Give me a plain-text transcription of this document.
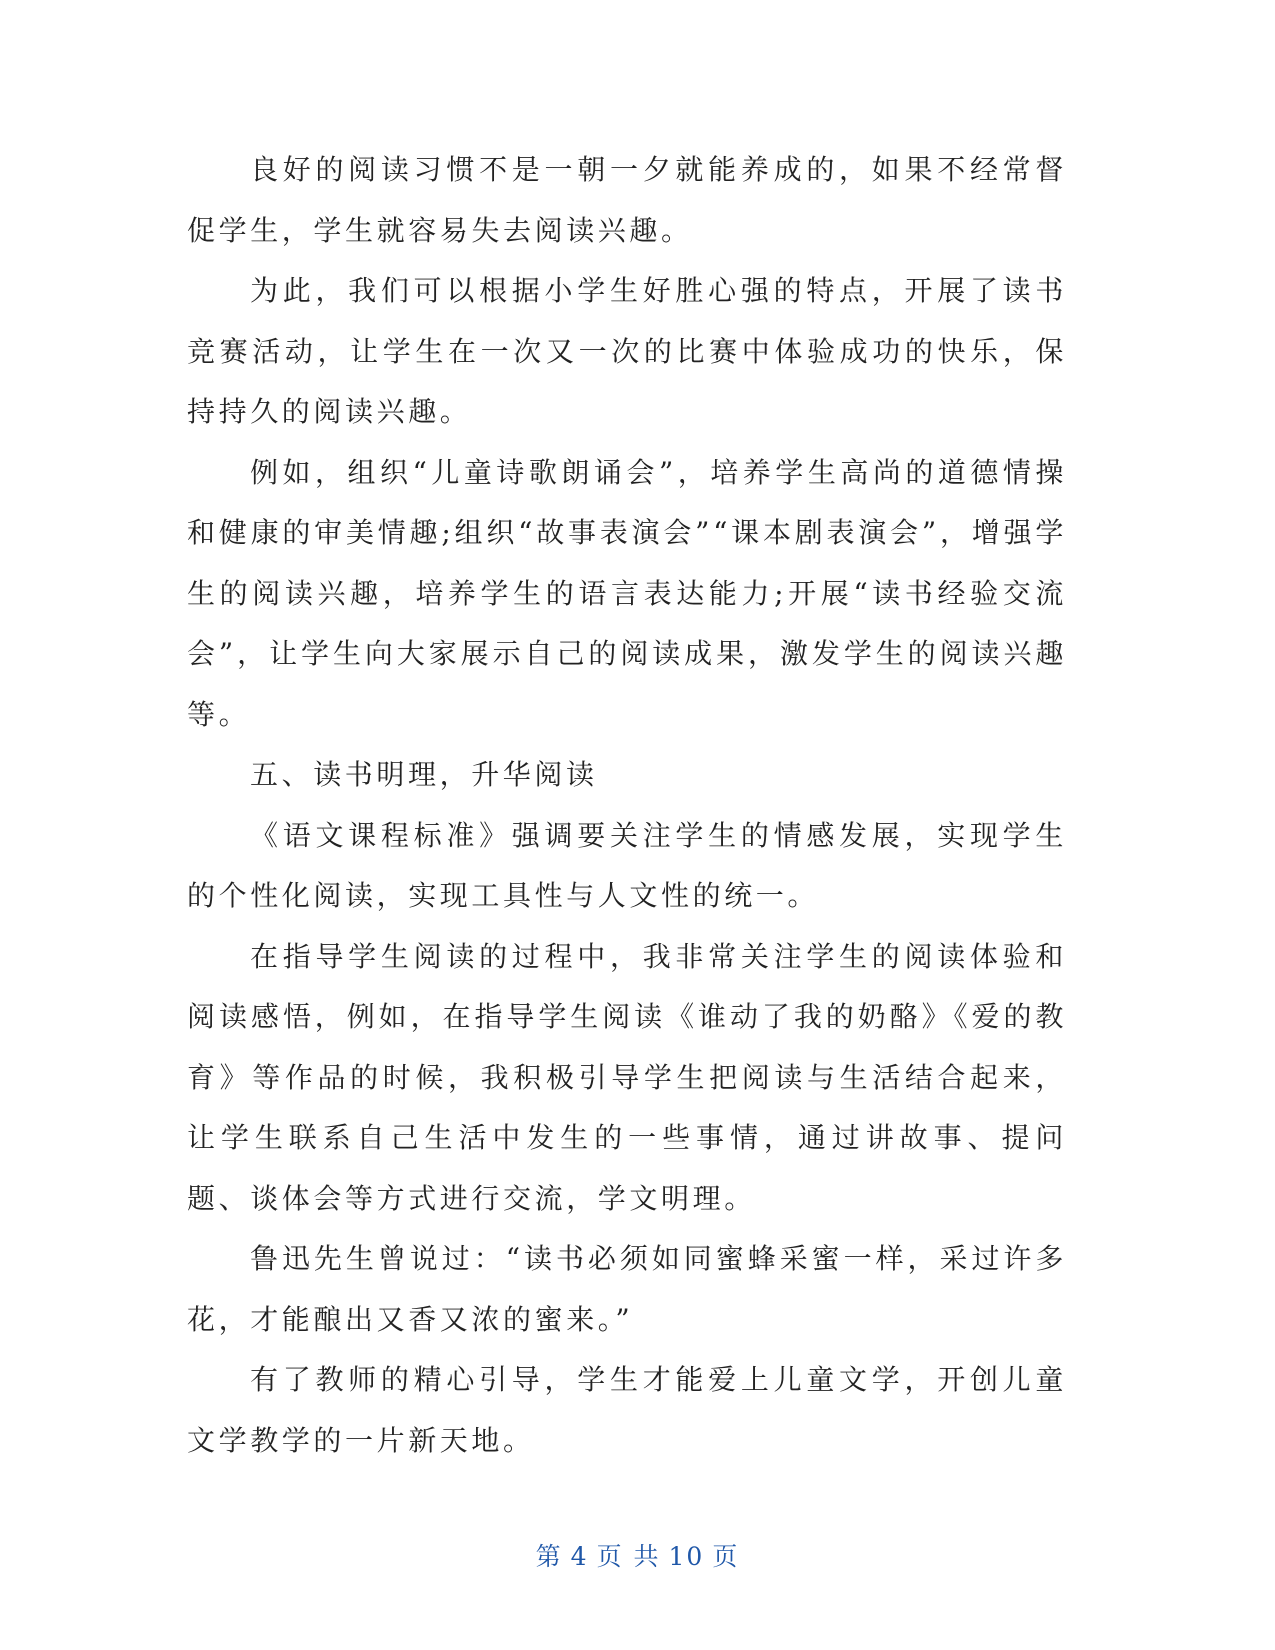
良好的阅读习惯不是一朝一夕就能养成的，如果不经常督促学生，学生就容易失去阅读兴趣。

为此，我们可以根据小学生好胜心强的特点，开展了读书竞赛活动，让学生在一次又一次的比赛中体验成功的快乐，保持持久的阅读兴趣。

例如，组织“儿童诗歌朗诵会”，培养学生高尚的道德情操和健康的审美情趣;组织“故事表演会”“课本剧表演会”，增强学生的阅读兴趣，培养学生的语言表达能力;开展“读书经验交流会”，让学生向大家展示自己的阅读成果，激发学生的阅读兴趣等。

五、读书明理，升华阅读

《语文课程标准》强调要关注学生的情感发展，实现学生的个性化阅读，实现工具性与人文性的统一。

在指导学生阅读的过程中，我非常关注学生的阅读体验和阅读感悟，例如，在指导学生阅读《谁动了我的奶酪》《爱的教育》等作品的时候，我积极引导学生把阅读与生活结合起来，让学生联系自己生活中发生的一些事情，通过讲故事、提问题、谈体会等方式进行交流，学文明理。

鲁迅先生曾说过：“读书必须如同蜜蜂采蜜一样，采过许多花，才能酿出又香又浓的蜜来。”

有了教师的精心引导，学生才能爱上儿童文学，开创儿童文学教学的一片新天地。

第 4 页 共 10 页
